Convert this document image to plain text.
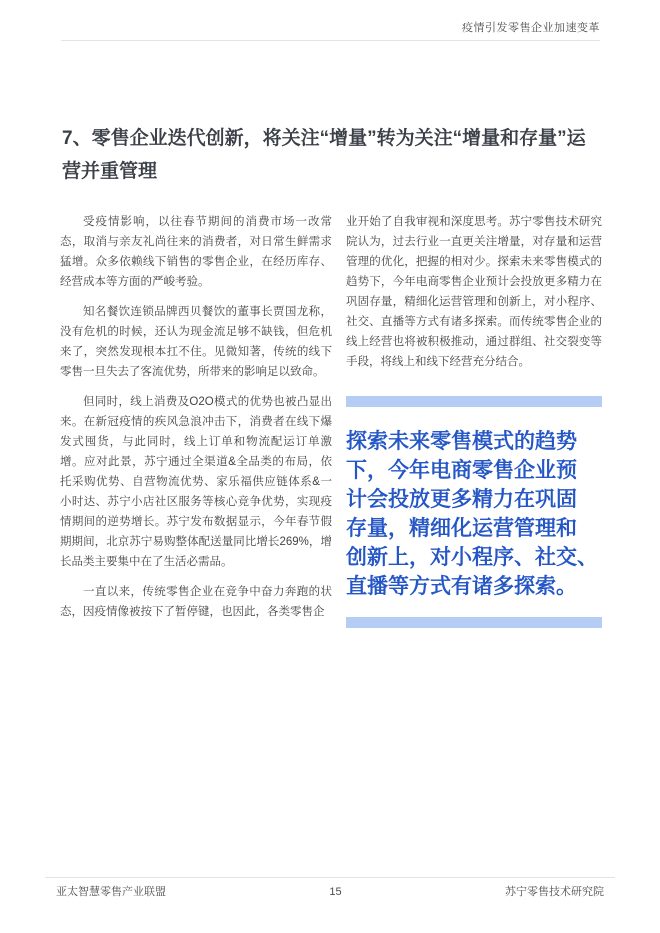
疫情引发零售企业加速变革
7、零售企业迭代创新，将关注“增量”转为关注“增量和存量”运营并重管理

受疫情影响，以往春节期间的消费市场一改常态，取消与亲友礼尚往来的消费者，对日常生鲜需求猛增。众多依赖线下销售的零售企业，在经历库存、经营成本等方面的严峻考验。

知名餐饮连锁品牌西贝餐饮的董事长贾国龙称，没有危机的时候，还认为现金流足够不缺钱，但危机来了，突然发现根本扛不住。见微知著，传统的线下零售一旦失去了客流优势，所带来的影响足以致命。

但同时，线上消费及O2O模式的优势也被凸显出来。在新冠疫情的疾风急浪冲击下，消费者在线下爆发式囤货，与此同时，线上订单和物流配运订单激增。应对此景，苏宁通过全渠道&全品类的布局，依托采购优势、自营物流优势、家乐福供应链体系&一小时达、苏宁小店社区服务等核心竞争优势，实现疫情期间的逆势增长。苏宁发布数据显示，今年春节假期期间，北京苏宁易购整体配送量同比增长269%，增长品类主要集中在了生活必需品。

一直以来，传统零售企业在竞争中奋力奔跑的状态，因疫情像被按下了暂停键，也因此，各类零售企

业开始了自我审视和深度思考。苏宁零售技术研究院认为，过去行业一直更关注增量，对存量和运营管理的优化，把握的相对少。探索未来零售模式的趋势下，今年电商零售企业预计会投放更多精力在巩固存量，精细化运营管理和创新上，对小程序、社交、直播等方式有诸多探索。而传统零售企业的线上经营也将被积极推动，通过群组、社交裂变等手段，将线上和线下经营充分结合。

探索未来零售模式的趋势
下，今年电商零售企业预
计会投放更多精力在巩固
存量，精细化运营管理和
创新上，对小程序、社交、
直播等方式有诸多探索。
亚太智慧零售产业联盟	15	苏宁零售技术研究院
